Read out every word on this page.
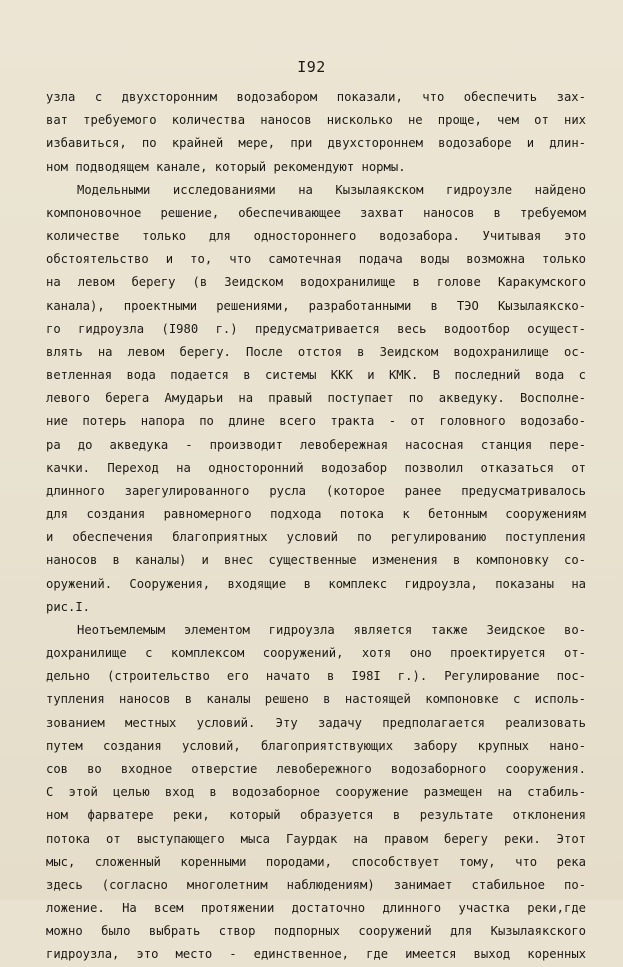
I92
узла с двухсторонним водозабором показали, что обеспечить зах-
ват требуемого количества наносов нисколько не проще, чем от них
избавиться, по крайней мере, при двухстороннем водозаборе и длин-
ном подводящем канале, который рекомендуют нормы.
Модельными исследованиями на Кызылаякском гидроузле найдено
компоновочное решение, обеспечивающее захват наносов в требуемом
количестве только для одностороннего водозабора. Учитывая это
обстоятельство и то, что самотечная подача воды возможна только
на левом берегу (в Зеидском водохранилище в голове Каракумского
канала), проектными решениями, разработанными в ТЭО Кызылаякско-
го гидроузла (I980 г.) предусматривается весь водоотбор осущест-
влять на левом берегу. После отстоя в Зеидском водохранилище ос-
ветленная вода подается в системы ККК и КМК. В последний вода с
левого берега Амударьи на правый поступает по акведуку. Восполне-
ние потерь напора по длине всего тракта - от головного водозабо-
ра до акведука - производит левобережная насосная станция пере-
качки. Переход на односторонний водозабор позволил отказаться от
длинного зарегулированного русла (которое ранее предусматривалось
для создания равномерного подхода потока к бетонным сооружениям
и обеспечения благоприятных условий по регулированию поступления
наносов в каналы) и внес существенные изменения в компоновку со-
оружений. Сооружения, входящие в комплекс гидроузла, показаны на
рис.I.
Неотъемлемым элементом гидроузла является также Зеидское во-
дохранилище с комплексом сооружений, хотя оно проектируется от-
дельно (строительство его начато в I98I г.). Регулирование пос-
тупления наносов в каналы решено в настоящей компоновке с исполь-
зованием местных условий. Эту задачу предполагается реализовать
путем создания условий, благоприятствующих забору крупных нано-
сов во входное отверстие левобережного водозаборного сооружения.
С этой целью вход в водозаборное сооружение размещен на стабиль-
ном фарватере реки, который образуется в результате отклонения
потока от выступающего мыса Гаурдак на правом берегу реки. Этот
мыс, сложенный коренными породами, способствует тому, что река
здесь (согласно многолетним наблюдениям) занимает стабильное по-
ложение. На всем протяжении достаточно длинного участка реки,где
можно было выбрать створ подпорных сооружений для Кызылаякского
гидроузла, это место - единственное, где имеется выход коренных
